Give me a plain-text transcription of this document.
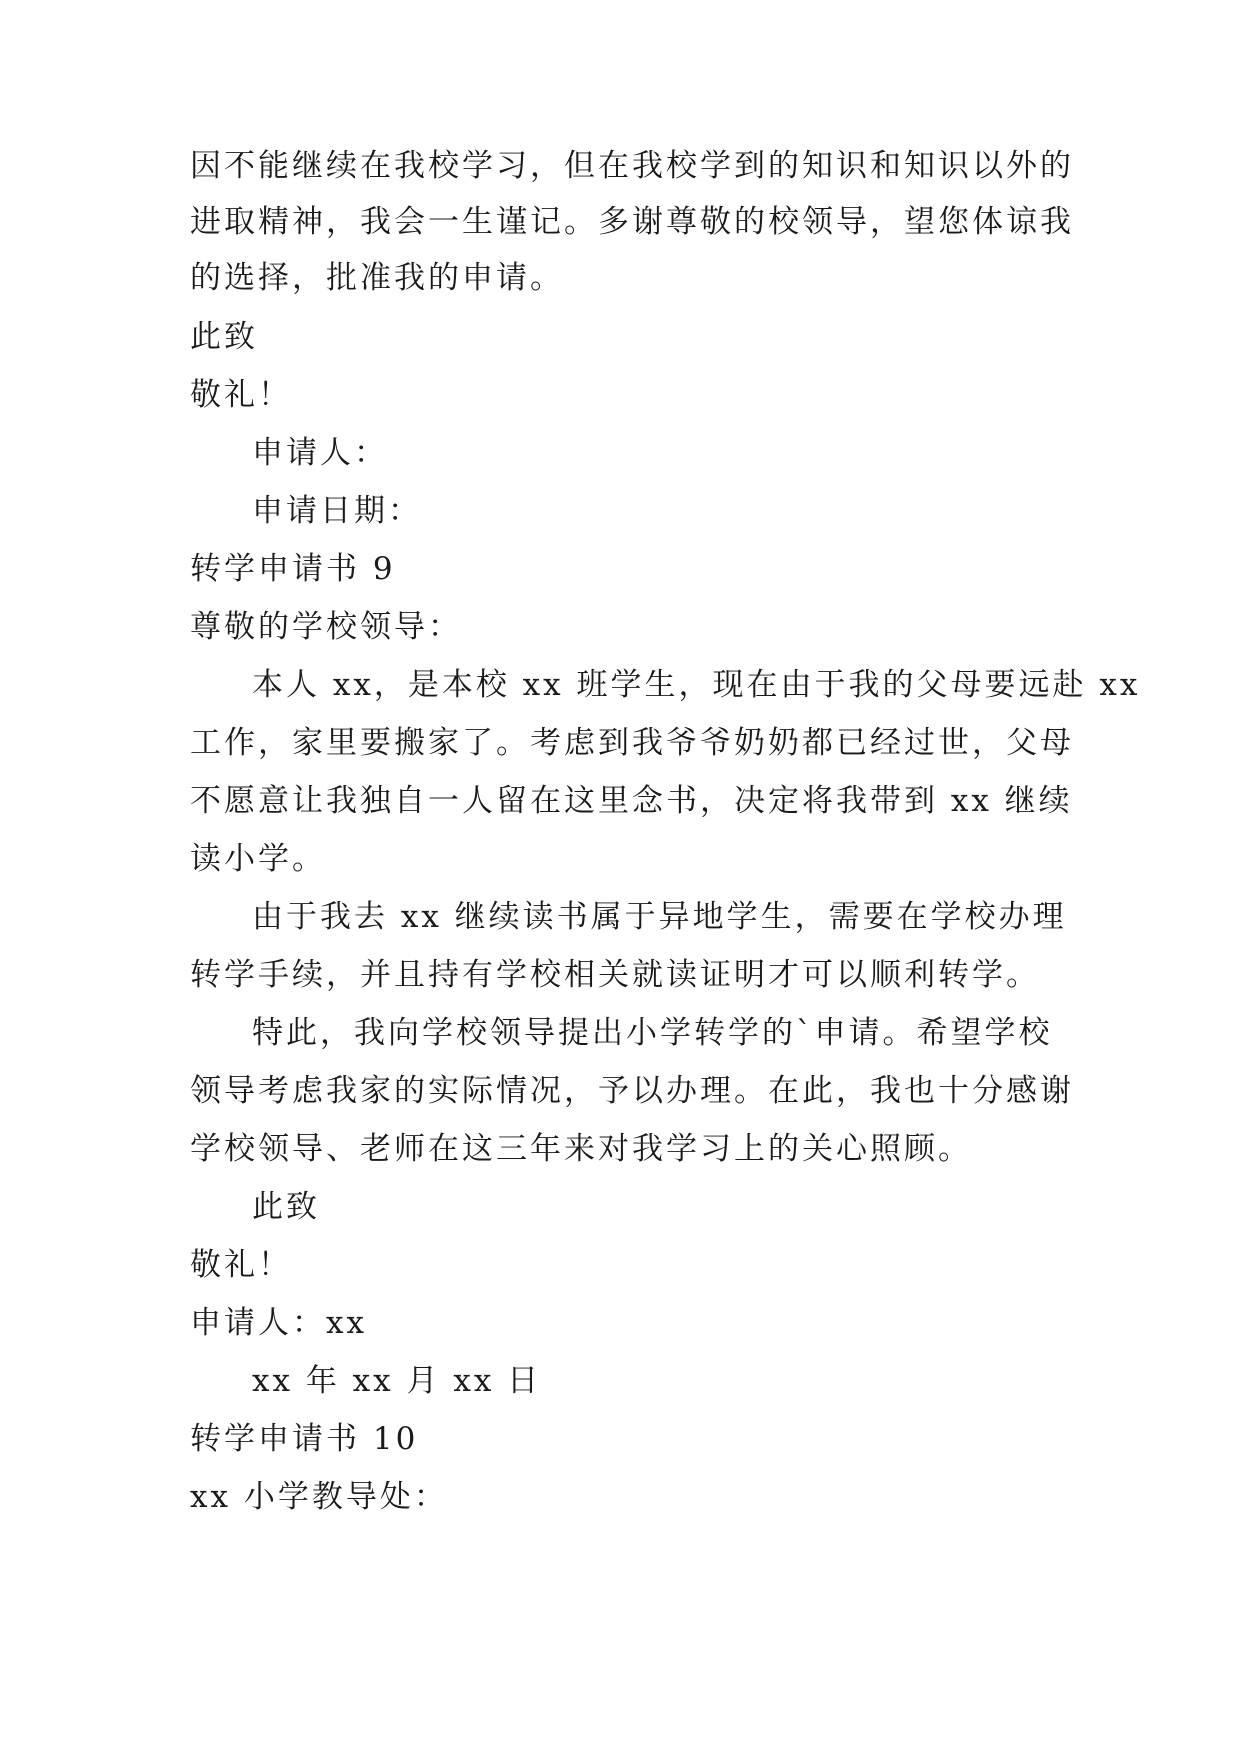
因不能继续在我校学习，但在我校学到的知识和知识以外的
进取精神，我会一生谨记。多谢尊敬的校领导，望您体谅我
的选择，批准我的申请。
此致
敬礼！
申请人：
申请日期：
转学申请书 9
尊敬的学校领导：
本人 xx，是本校 xx 班学生，现在由于我的父母要远赴 xx
工作，家里要搬家了。考虑到我爷爷奶奶都已经过世，父母
不愿意让我独自一人留在这里念书，决定将我带到 xx 继续
读小学。
由于我去 xx 继续读书属于异地学生，需要在学校办理
转学手续，并且持有学校相关就读证明才可以顺利转学。
特此，我向学校领导提出小学转学的`申请。希望学校
领导考虑我家的实际情况，予以办理。在此，我也十分感谢
学校领导、老师在这三年来对我学习上的关心照顾。
此致
敬礼！
申请人：xx
xx 年 xx 月 xx 日
转学申请书 10
xx 小学教导处：
